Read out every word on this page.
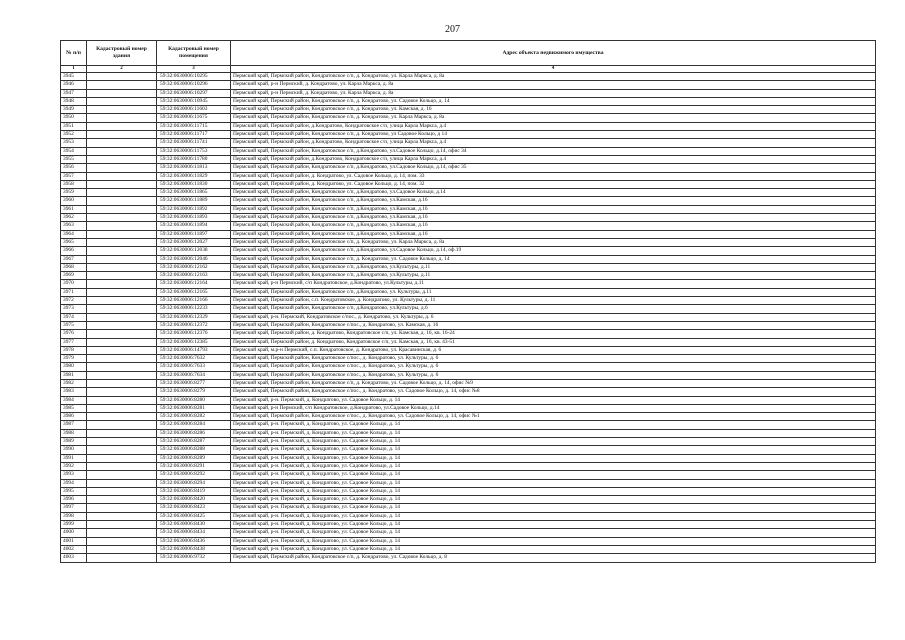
207
№ п/п	Кадастровый номер здания	Кадастровый номер помещения	Адрес объекта недвижимого имущества
1	2	3	4
3945		59:32:0630006:10295	Пермский край, Пермский район, Кондратовское с/п, д. Кондратово, ул. Карла Маркса, д. 8а
3946		59:32:0630006:10296	Пермский край, р-н Пермский, д. Кондратово, ул. Карла Маркса, д. 8а
3947		59:32:0630006:10297	Пермский край, р-н Пермский, д. Кондратово, ул. Карла Маркса, д. 8а
3948		59:32:0630006:10945	Пермский край, Пермский район, Кондратовское с/п, д. Кондратово, ул. Садовое Кольцо, д. 14
3949		59:32:0630006:11603	Пермский край, Пермский район, Кондратовское с/п, д. Кондратово, ул. Камская, д. 16
3950		59:32:0630006:11675	Пермский край, Пермский район, Кондратовское с/п, д. Кондратово, ул. Карла Маркса, д. 8а
3951		59:32:0630006:11715	Пермский край, Пермский район, д.Кондратово, Кондратовское с/п, улица Карла Маркса, д.4
3952		59:32:0630006:11717	Пермский край, Пермский район, Кондратовское с/п, д. Кондратово, ул Садовое Кольцо, д 14
3953		59:32:0630006:11741	Пермский край, Пермский район, д.Кондратово, Кондратовское с/п, улица Карла Маркса, д.4
3954		59:32:0630006:11753	Пермский край, Пермский район, Кондратовское с/п, д.Кондратово, ул.Садовое Кольцо, д.14, офис 34
3955		59:32:0630006:11780	Пермский край, Пермский район, д.Кондратово, Кондратовское с/п, улица Карла Маркса, д.4
3956		59:32:0630006:11813	Пермский край, Пермский район, Кондратовское с/п, д.Кондратово, ул.Садовое Кольцо, д.14, офис 35
3957		59:32:0630006:11829	Пермский край, Пермский район, д. Кондратово, ул. Садовое Кольцо, д. 14, пом. 33
3958		59:32:0630006:11830	Пермский край, Пермский район, д. Кондратово, ул. Садовое Кольцо, д. 14, пом. 32
3959		59:32:0630006:11865	Пермский край, Пермский район, Кондратовское с/п, д.Кондратово, ул.Садовое Кольцо, д.14
3960		59:32:0630006:11889	Пермский край, Пермский район, Кондратовское с/п, д.Кондратово, ул.Камская, д.16
3961		59:32:0630006:11892	Пермский край, Пермский район, Кондратовское с/п, д.Кондратово, ул.Камская, д.16
3962		59:32:0630006:11893	Пермский край, Пермский район, Кондратовское с/п, д.Кондратово, ул.Камская, д.16
3963		59:32:0630006:11894	Пермский край, Пермский район, Кондратовское с/п, д.Кондратово, ул.Камская, д.16
3964		59:32:0630006:11897	Пермский край, Пермский район, Кондратовское с/п, д.Кондратово, ул.Камская, д.16
3965		59:32:0630006:12027	Пермский край, Пермский район, Кондратовское с/п, д. Кондратово, ул. Карла Маркса, д. 8а
3966		59:32:0630006:12038	Пермский край, Пермский район, Кондратовское с/п, д.Кондратово, ул.Садовое Кольцо, д.14, оф.19
3967		59:32:0630006:12046	Пермский край, Пермский район, Кондратовское с/п, д. Кондратово, ул. Садовое Кольцо, д. 14
3968		59:32:0630006:12162	Пермский край, Пермский район, Кондратовское с/п, д.Кондратово, ул.Культуры, д.11
3969		59:32:0630006:12163	Пермский край, Пермский район, Кондратовское с/п, д.Кондратово, ул.Культуры, д.11
3970		59:32:0630006:12164	Пермский край, р-н Пермский, с/п Кондратовское, д.Кондратово, ул.Культуры, д.11
3971		59:32:0630006:12165	Пермский край, Пермский район, Кондратовское с/п, д.Кондратово, ул. Культуры, д.11
3972		59:32:0630006:12166	Пермский край, Пермский район, с.п. Кондратовское, д. Кондратово, ул. Культуры, д. 11
3973		59:32:0630006:12233	Пермский край, Пермский район, Кондратовское с/п, д.Кондратово, ул.Культуры, д.6
3974		59:32:0630006:12329	Пермский край, р-н. Пермский, Кондратовское с/пос., д. Кондратово, ул. Культуры, д. 6
3975		59:32:0630006:12372	Пермский край, Пермский район, Кондратовское с/пос., д. Кондратово, ул. Камская, д. 16
3976		59:32:0630006:12376	Пермский край, Пермский район, д. Кондратово, Кондратовское с/п, ул. Камская, д. 16, кв. 16-24
3977		59:32:0630006:12385	Пермский край, Пермский район, д. Кондратово, Кондратовское с/п, ул. Камская, д. 16, кв. 43-51
3978		59:32:0630006:14793	Пермский край, м.р-н Пермский, с.п. Кондратовское, д. Кондратово, ул. Красавинская, д. 6
3979		59:32:0630006:7632	Пермский край, Пермский район, Кондратовское с/пос., д. Кондратово, ул. Культуры, д. 6
3980		59:32:0630006:7633	Пермский край, Пермский район, Кондратовское с/пос., д. Кондратово, ул. Культуры, д. 6
3981		59:32:0630006:7634	Пермский край, Пермский район, Кондратовское с/пос., д. Кондратово, ул. Культуры, д. 6
3982		59:32:0630006:8277	Пермский край, Пермский район, Кондратовское с/п, д. Кондратово, ул. Садовое Кольцо, д. 14, офис №9
3983		59:32:0630006:8279	Пермский край, Пермский район, Кондратовское с/пос., д. Кондратово, ул. Садовое Кольцо, д. 14, офис №8
3984		59:32:0630006:8280	Пермский край, р-н. Пермский, д. Кондратово, ул. Садовое Кольцо, д. 14
3985		59:32:0630006:8281	Пермский край, р-н Пермский, с/п Кондратовское, д.Кондратово, ул.Садовое Кольцо, д.14
3986		59:32:0630006:8282	Пермский край, Пермский район, Кондратовское с/пос., д. Кондратово, ул. Садовое Кольцо, д. 14, офис №1
3987		59:32:0630006:8284	Пермский край, р-н. Пермский, д. Кондратово, ул. Садовое Кольцо, д. 14
3988		59:32:0630006:8286	Пермский край, р-н. Пермский, д. Кондратово, ул. Садовое Кольцо, д. 14
3989		59:32:0630006:8287	Пермский край, р-н. Пермский, д. Кондратово, ул. Садовое Кольцо, д. 14
3990		59:32:0630006:8288	Пермский край, р-н. Пермский, д. Кондратово, ул. Садовое Кольцо, д. 14
3991		59:32:0630006:8289	Пермский край, р-н. Пермский, д. Кондратово, ул. Садовое Кольцо, д. 14
3992		59:32:0630006:8291	Пермский край, р-н. Пермский, д. Кондратово, ул. Садовое Кольцо, д. 14
3993		59:32:0630006:8292	Пермский край, р-н. Пермский, д. Кондратово, ул. Садовое Кольцо, д. 14
3994		59:32:0630006:8294	Пермский край, р-н. Пермский, д. Кондратово, ул. Садовое Кольцо, д. 14
3995		59:32:0630006:8419	Пермский край, р-н. Пермский, д. Кондратово, ул. Садовое Кольцо, д. 14
3996		59:32:0630006:8420	Пермский край, р-н. Пермский, д. Кондратово, ул. Садовое Кольцо, д. 14
3997		59:32:0630006:8423	Пермский край, р-н. Пермский, д. Кондратово, ул. Садовое Кольцо, д. 14
3998		59:32:0630006:8425	Пермский край, р-н. Пермский, д. Кондратово, ул. Садовое Кольцо, д. 14
3999		59:32:0630006:8430	Пермский край, р-н. Пермский, д. Кондратово, ул. Садовое Кольцо, д. 14
4000		59:32:0630006:8434	Пермский край, р-н. Пермский, д. Кондратово, ул. Садовое Кольцо, д. 14
4001		59:32:0630006:8436	Пермский край, р-н. Пермский, д. Кондратово, ул. Садовое Кольцо, д. 14
4002		59:32:0630006:8438	Пермский край, р-н. Пермский, д. Кондратово, ул. Садовое Кольцо, д. 14
4003		59:32:0630006:9732	Пермский край, Пермский район, Кондратовское с/п, д. Кондратово, ул. Садовое Кольцо, д. 8
